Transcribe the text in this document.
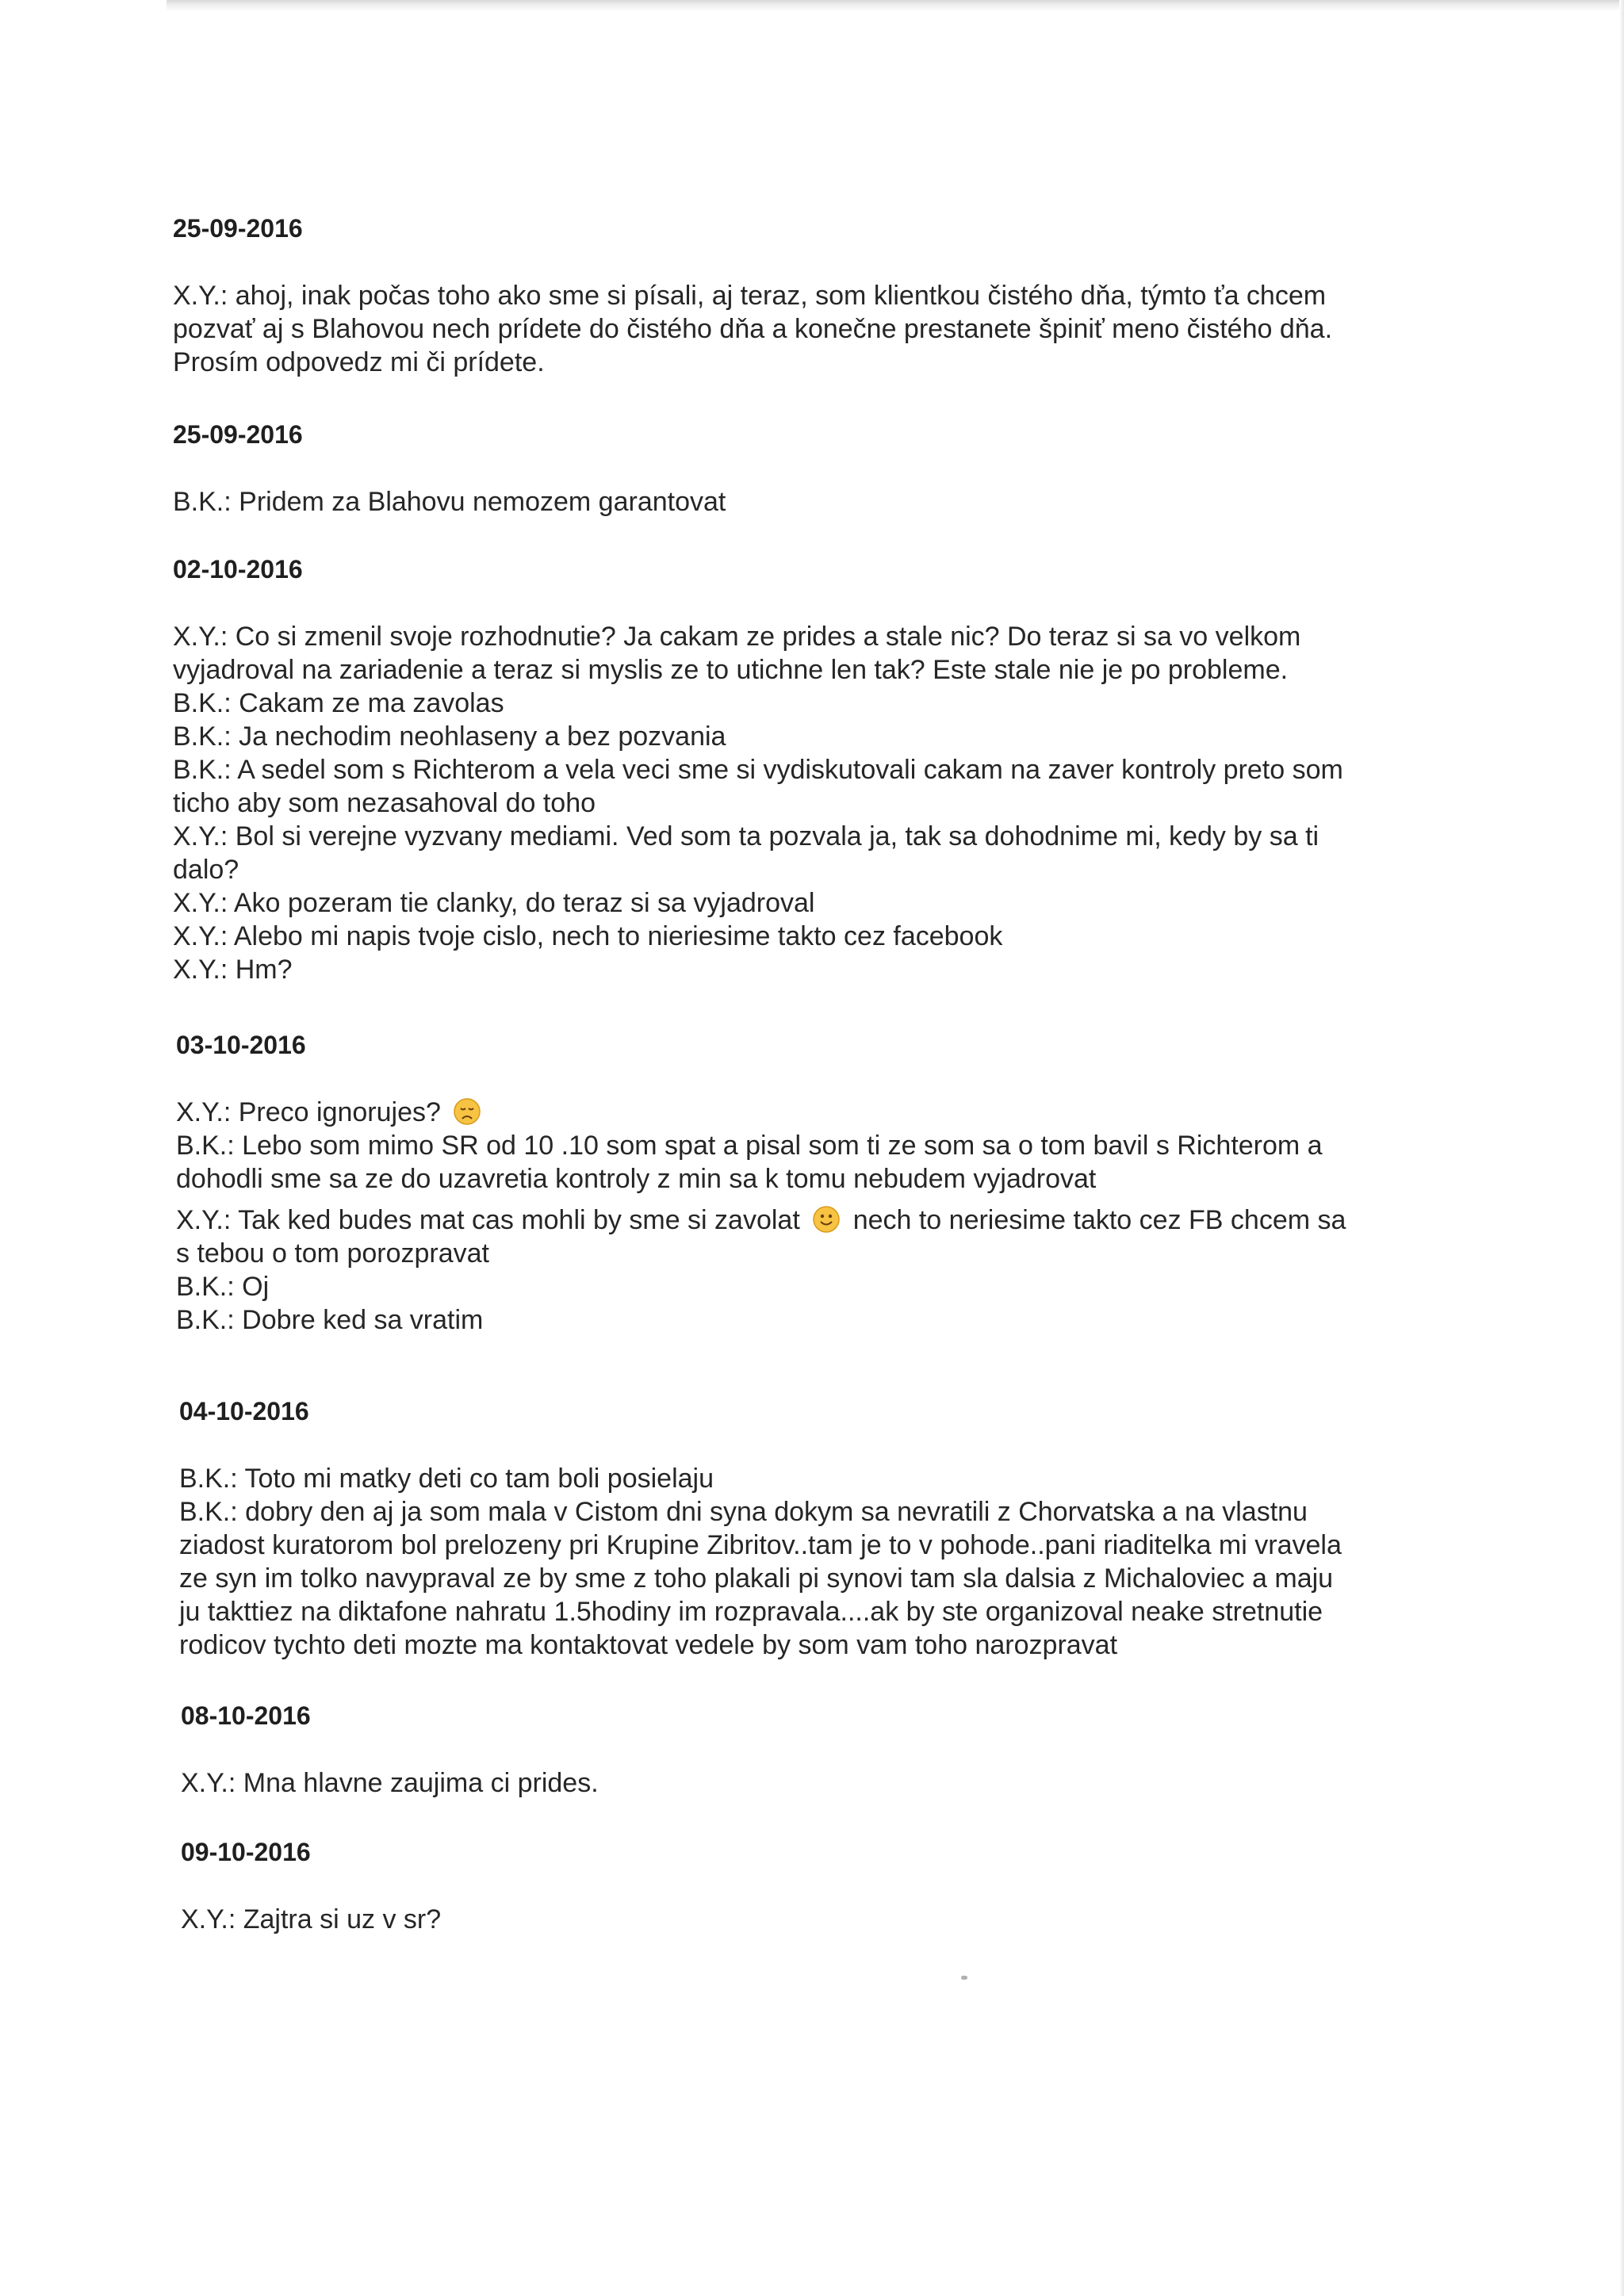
25-09-2016

X.Y.: ahoj, inak počas toho ako sme si písali, aj teraz, som klientkou čistého dňa, týmto ťa chcem

pozvať aj s Blahovou nech prídete do čistého dňa a konečne prestanete špiniť meno čistého dňa.

Prosím odpovedz mi či prídete.

25-09-2016

B.K.: Pridem za Blahovu nemozem garantovat

02-10-2016

X.Y.: Co si zmenil svoje rozhodnutie? Ja cakam ze prides a stale nic? Do teraz si sa vo velkom

vyjadroval na zariadenie a teraz si myslis ze to utichne len tak? Este stale nie je po probleme.

B.K.: Cakam ze ma zavolas

B.K.: Ja nechodim neohlaseny a bez pozvania

B.K.: A sedel som s Richterom a vela veci sme si vydiskutovali cakam na zaver kontroly preto som

ticho aby som nezasahoval do toho

X.Y.: Bol si verejne vyzvany mediami. Ved som ta pozvala ja, tak sa dohodnime mi, kedy by sa ti

dalo?

X.Y.: Ako pozeram tie clanky, do teraz si sa vyjadroval

X.Y.: Alebo mi napis tvoje cislo, nech to nieriesime takto cez facebook

X.Y.: Hm?

03-10-2016

X.Y.: Preco ignorujes?

B.K.: Lebo som mimo SR od 10 .10 som spat a pisal som ti ze som sa o tom bavil s Richterom a

dohodli sme sa ze do uzavretia kontroly z min sa k tomu nebudem vyjadrovat

X.Y.: Tak ked budes mat cas mohli by sme si zavolat nech to neriesime takto cez FB chcem sa

s tebou o tom porozpravat

B.K.: Oj

B.K.: Dobre ked sa vratim

04-10-2016

B.K.: Toto mi matky deti co tam boli posielaju

B.K.: dobry den aj ja som mala v Cistom dni syna dokym sa nevratili z Chorvatska a na vlastnu

ziadost kuratorom bol prelozeny pri Krupine Zibritov..tam je to v pohode..pani riaditelka mi vravela

ze syn im tolko navypraval ze by sme z toho plakali pi synovi tam sla dalsia z Michaloviec a maju

ju takttiez na diktafone nahratu 1.5hodiny im rozpravala....ak by ste organizoval neake stretnutie

rodicov tychto deti mozte ma kontaktovat vedele by som vam toho narozpravat

08-10-2016

X.Y.: Mna hlavne zaujima ci prides.

09-10-2016

X.Y.: Zajtra si uz v sr?
